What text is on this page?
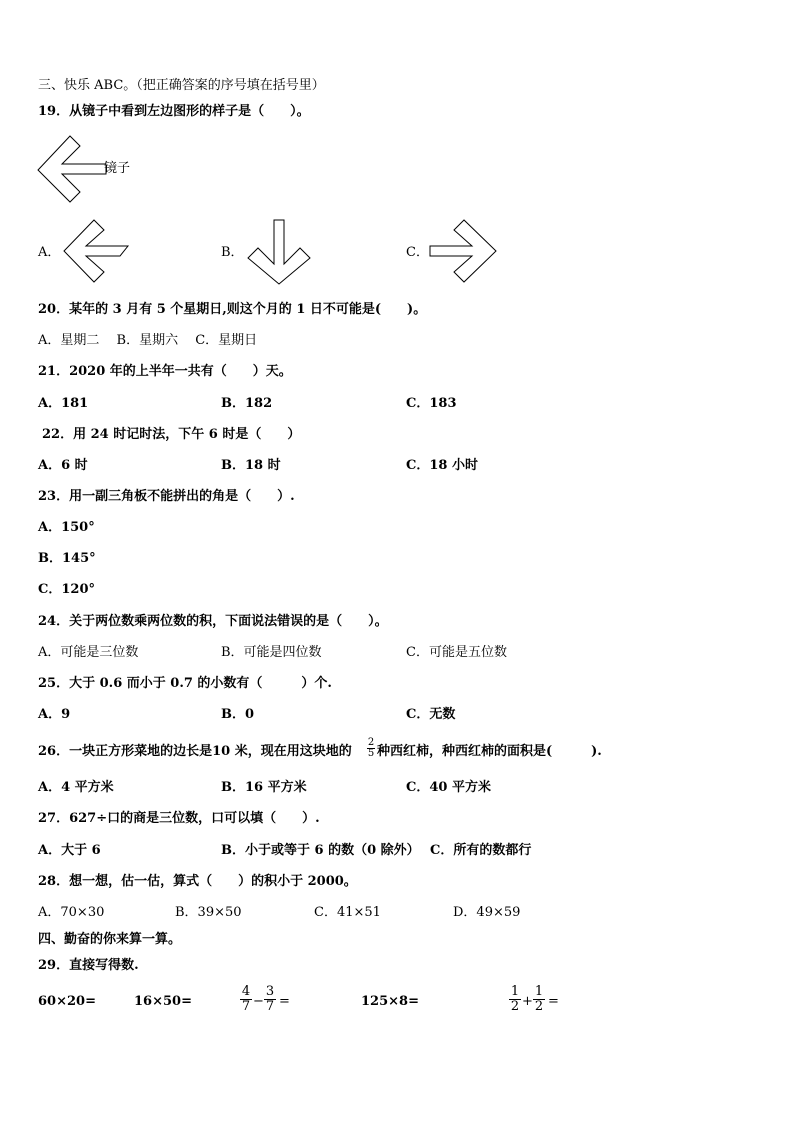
三、快乐 ABC。（把正确答案的序号填在括号里）
19．从镜子中看到左边图形的样子是（　　）。
镜子
A．	B．	C．
20．某年的 3 月有 5 个星期日,则这个月的 1 日不可能是(　　)。
A．星期二　 B．星期六　 C．星期日
21．2020 年的上半年一共有（　　）天。
A．181	B．182	C．183
22．用 24 时记时法，下午 6 时是（　　）
A．6 时	B．18 时	C．18 小时
23．用一副三角板不能拼出的角是（　　）.
A．150°
B．145°
C．120°
24．关于两位数乘两位数的积，下面说法错误的是（　　）。
A．可能是三位数	B．可能是四位数	C．可能是五位数
25．大于 0.6 而小于 0.7 的小数有（　　　）个.
A．9	B．0	C．无数
26．一块正方形菜地的边长是10 米，现在用这块地的 $\frac{2}{5}$ 种西红柿，种西红柿的面积是(　　　).
A．4 平方米	B．16 平方米	C．40 平方米
27．627÷口的商是三位数，口可以填（　　）.
A．大于 6	B．小于或等于 6 的数（0 除外） C．所有的数都行
28．想一想，估一估，算式（　　）的积小于 2000。
A．70×30	B．39×50	C．41×51	D．49×59
四、勤奋的你来算一算。
29．直接写得数.
60×20=	16×50=	$\frac{4}{7} - \frac{3}{7}$ =	125×8=	$\frac{1}{2} + \frac{1}{2}$ =
